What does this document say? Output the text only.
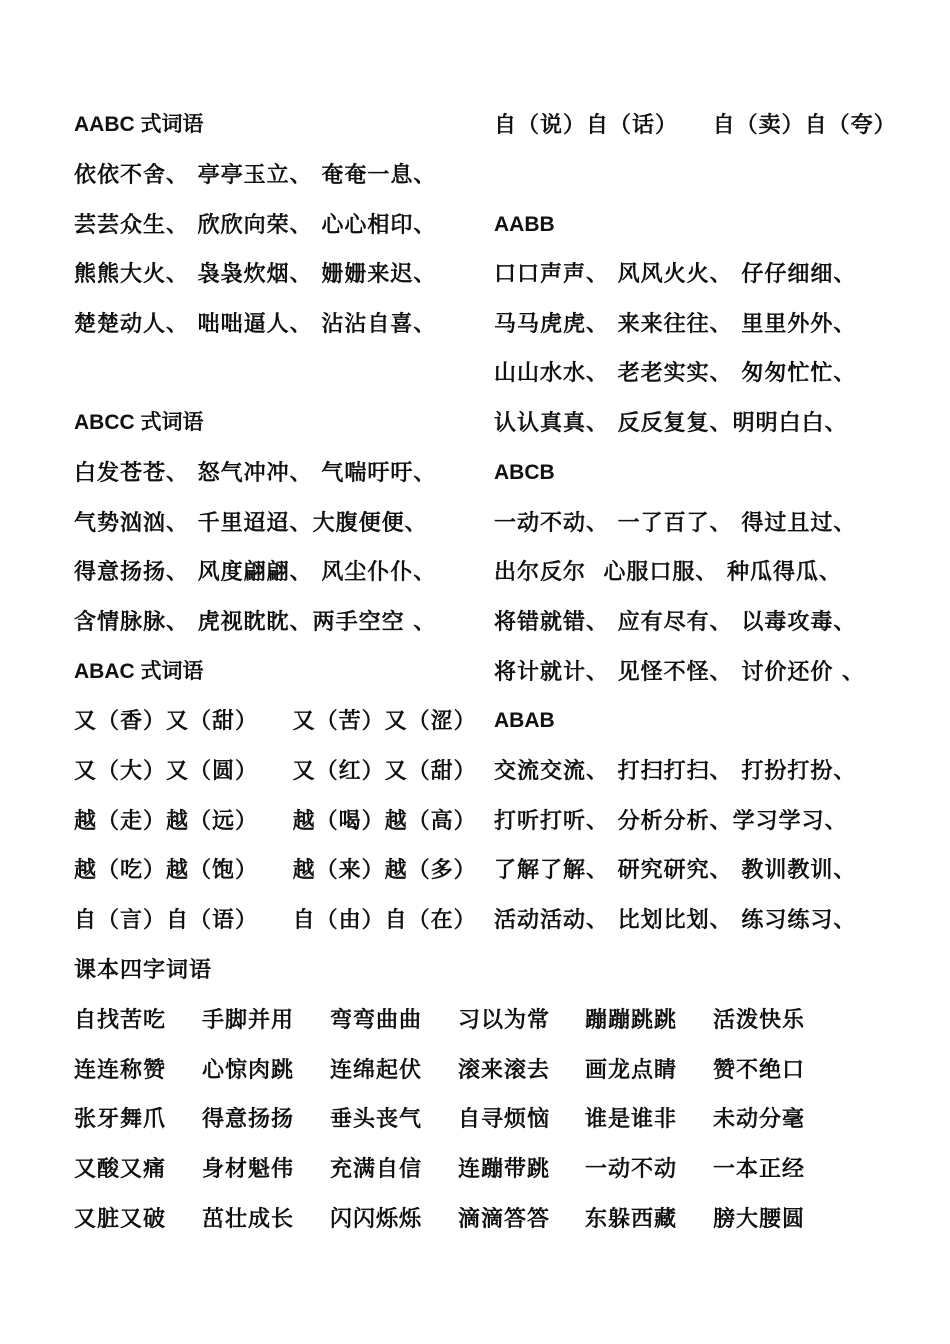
AABC 式词语
依依不舍、 亭亭玉立、 奄奄一息、
芸芸众生、 欣欣向荣、 心心相印、
熊熊大火、 袅袅炊烟、 姗姗来迟、
楚楚动人、 咄咄逼人、 沾沾自喜、
ABCC 式词语
白发苍苍、 怒气冲冲、 气喘吁吁、
气势汹汹、 千里迢迢、大腹便便、
得意扬扬、 风度翩翩、 风尘仆仆、
含情脉脉、 虎视眈眈、两手空空 、
ABAC 式词语
又（香）又（甜）    又（苦）又（涩）
又（大）又（圆）    又（红）又（甜）
越（走）越（远）    越（喝）越（高）
越（吃）越（饱）    越（来）越（多）
自（言）自（语）    自（由）自（在）
自（说）自（话）    自（卖）自（夸）
AABB
口口声声、 风风火火、 仔仔细细、
马马虎虎、 来来往往、 里里外外、
山山水水、 老老实实、 匆匆忙忙、
认认真真、 反反复复、明明白白、
ABCB
一动不动、 一了百了、 得过且过、
出尔反尔  心服口服、 种瓜得瓜、
将错就错、 应有尽有、 以毒攻毒、
将计就计、 见怪不怪、 讨价还价 、
ABAB
交流交流、 打扫打扫、 打扮打扮、
打听打听、 分析分析、学习学习、
了解了解、 研究研究、 教训教训、
活动活动、 比划比划、 练习练习、
课本四字词语
自找苦吃 手脚并用 弯弯曲曲 习以为常 蹦蹦跳跳 活泼快乐
连连称赞 心惊肉跳 连绵起伏 滚来滚去 画龙点睛 赞不绝口
张牙舞爪 得意扬扬 垂头丧气 自寻烦恼 谁是谁非 未动分毫
又酸又痛 身材魁伟 充满自信 连蹦带跳 一动不动 一本正经
又脏又破 茁壮成长 闪闪烁烁 滴滴答答 东躲西藏 膀大腰圆
